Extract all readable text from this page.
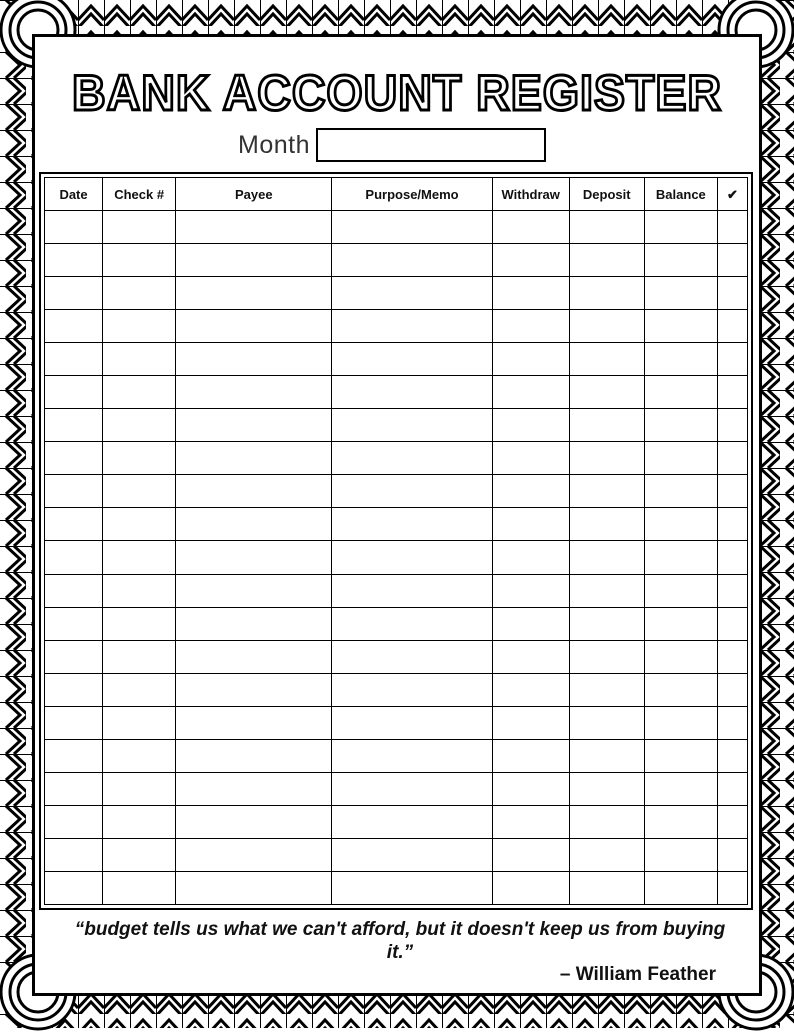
BANK ACCOUNT REGISTER
Month
Date	Check #	Payee	Purpose/Memo	Withdraw	Deposit	Balance	✔

“budget tells us what we can't afford, but it doesn't keep us from buying it.”
– William Feather
